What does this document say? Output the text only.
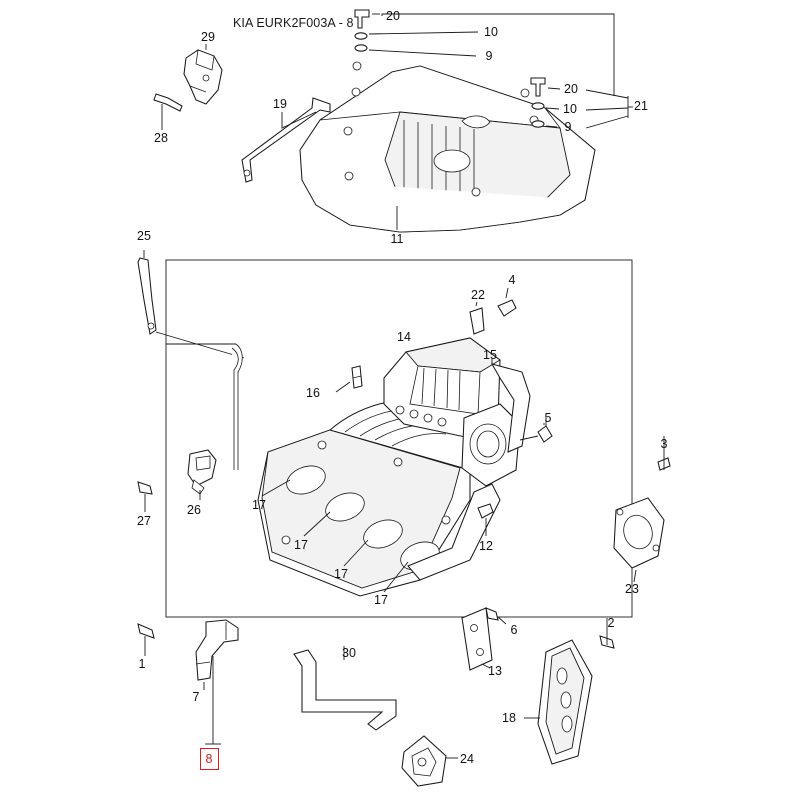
KIA EURK2F003A - 8	20
10
9
21
20
10
9
29
28
19
11
25
4
22
14
15
16
5
3
26
27
17
17
17
17
12
23
1
7
6
13
2
30
18
24
8
